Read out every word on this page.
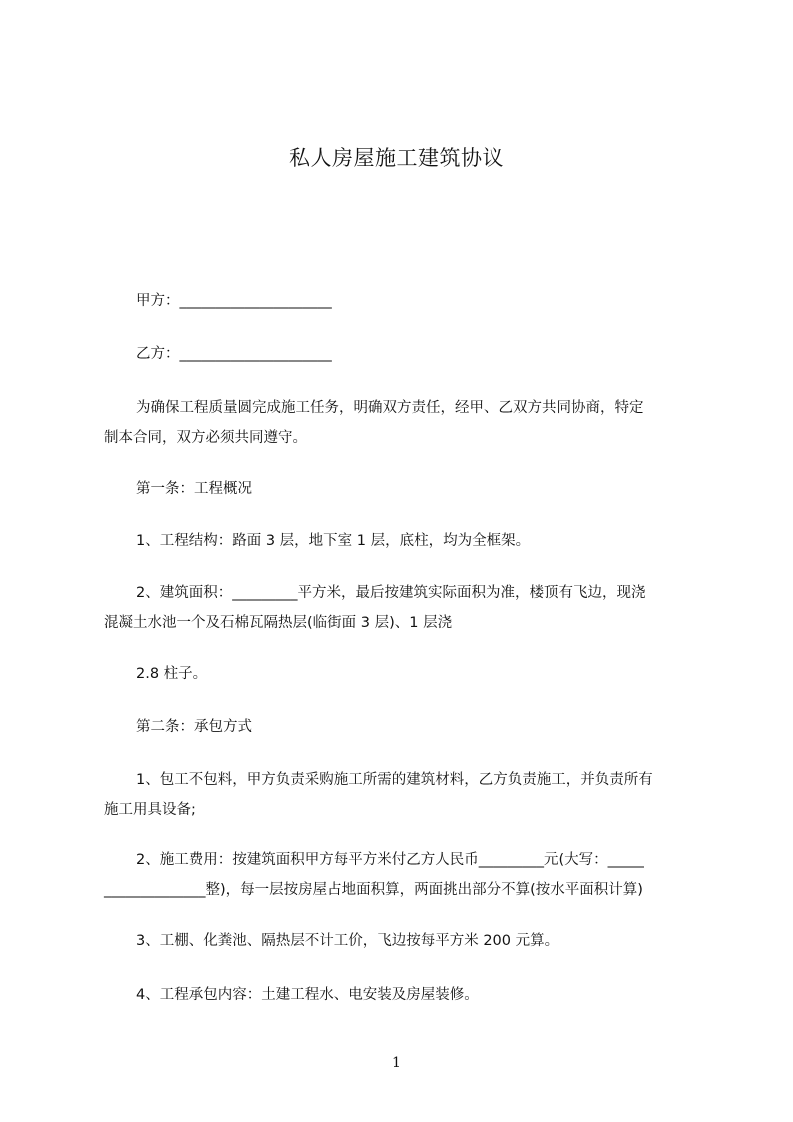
私人房屋施工建筑协议
甲方：_____________________
乙方：_____________________
为确保工程质量圆完成施工任务，明确双方责任，经甲、乙双方共同协商，特定
制本合同，双方必须共同遵守。
第一条：工程概况
1、工程结构：路面 3 层，地下室 1 层，底柱，均为全框架。
2、建筑面积：_________平方米，最后按建筑实际面积为准，楼顶有飞边，现浇
混凝土水池一个及石棉瓦隔热层(临街面 3 层)、1 层浇
2.8 柱子。
第二条：承包方式
1、包工不包料，甲方负责采购施工所需的建筑材料，乙方负责施工，并负责所有
施工用具设备;
2、施工费用：按建筑面积甲方每平方米付乙方人民币_________元(大写：_____
______________整)，每一层按房屋占地面积算，两面挑出部分不算(按水平面积计算)
3、工棚、化粪池、隔热层不计工价，飞边按每平方米 200 元算。
4、工程承包内容：土建工程水、电安装及房屋装修。
1
